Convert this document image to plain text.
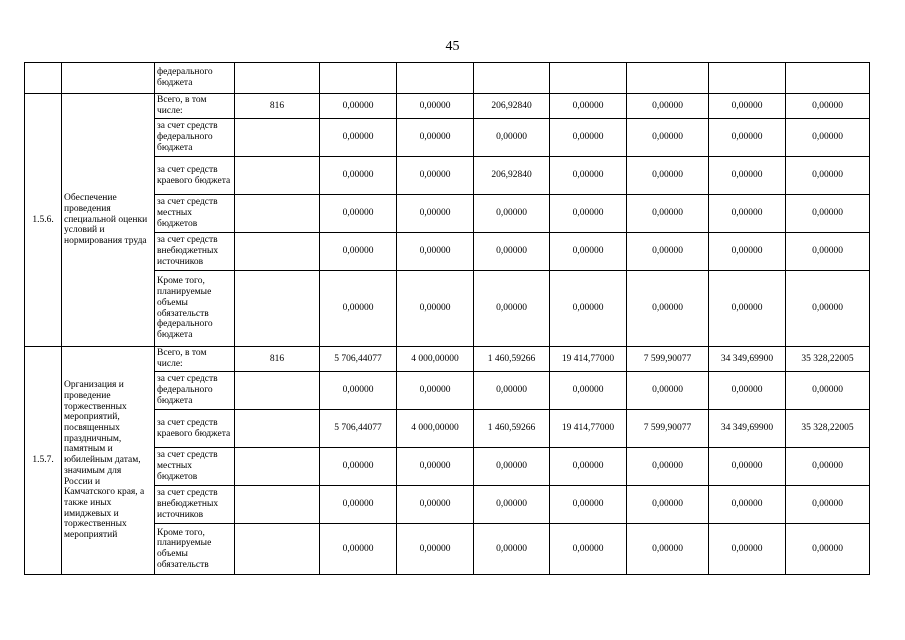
45
		федерального бюджета								
1.5.6.	Обеспечение проведения специальной оценки условий и нормирования труда	Всего, в том числе:	816	0,00000	0,00000	206,92840	0,00000	0,00000	0,00000	0,00000
		за счет средств федерального бюджета		0,00000	0,00000	0,00000	0,00000	0,00000	0,00000	0,00000
		за счет средств краевого бюджета		0,00000	0,00000	206,92840	0,00000	0,00000	0,00000	0,00000
		за счет средств местных бюджетов		0,00000	0,00000	0,00000	0,00000	0,00000	0,00000	0,00000
		за счет средств внебюджетных источников		0,00000	0,00000	0,00000	0,00000	0,00000	0,00000	0,00000
		Кроме того, планируемые объемы обязательств федерального бюджета		0,00000	0,00000	0,00000	0,00000	0,00000	0,00000	0,00000
1.5.7.	Организация и проведение торжественных мероприятий, посвященных праздничным, памятным и юбилейным датам, значимым для России и Камчатского края, а также иных имиджевых и торжественных мероприятий	Всего, в том числе:	816	5 706,44077	4 000,00000	1 460,59266	19 414,77000	7 599,90077	34 349,69900	35 328,22005
		за счет средств федерального бюджета		0,00000	0,00000	0,00000	0,00000	0,00000	0,00000	0,00000
		за счет средств краевого бюджета		5 706,44077	4 000,00000	1 460,59266	19 414,77000	7 599,90077	34 349,69900	35 328,22005
		за счет средств местных бюджетов		0,00000	0,00000	0,00000	0,00000	0,00000	0,00000	0,00000
		за счет средств внебюджетных источников		0,00000	0,00000	0,00000	0,00000	0,00000	0,00000	0,00000
		Кроме того, планируемые объемы обязательств		0,00000	0,00000	0,00000	0,00000	0,00000	0,00000	0,00000
